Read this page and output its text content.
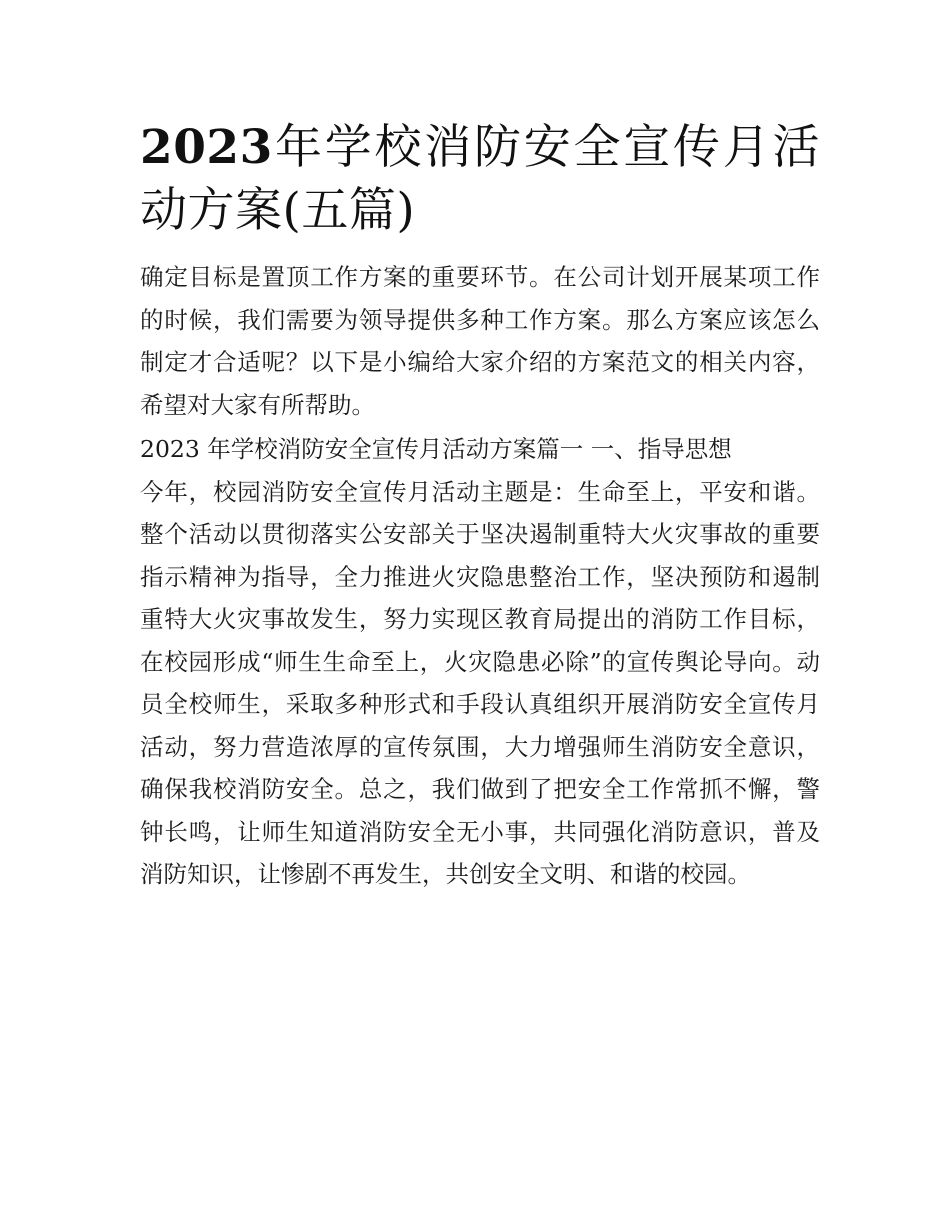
2023年学校消防安全宣传月活动方案(五篇)

确定目标是置顶工作方案的重要环节。在公司计划开展某项工作的时候，我们需要为领导提供多种工作方案。那么方案应该怎么制定才合适呢？以下是小编给大家介绍的方案范文的相关内容，希望对大家有所帮助。

2023 年学校消防安全宣传月活动方案篇一 一、指导思想

今年，校园消防安全宣传月活动主题是：生命至上，平安和谐。整个活动以贯彻落实公安部关于坚决遏制重特大火灾事故的重要指示精神为指导，全力推进火灾隐患整治工作，坚决预防和遏制重特大火灾事故发生，努力实现区教育局提出的消防工作目标，在校园形成“师生生命至上，火灾隐患必除”的宣传舆论导向。动员全校师生，采取多种形式和手段认真组织开展消防安全宣传月活动，努力营造浓厚的宣传氛围，大力增强师生消防安全意识，确保我校消防安全。总之，我们做到了把安全工作常抓不懈，警钟长鸣，让师生知道消防安全无小事，共同强化消防意识，普及消防知识，让惨剧不再发生，共创安全文明、和谐的校园。
